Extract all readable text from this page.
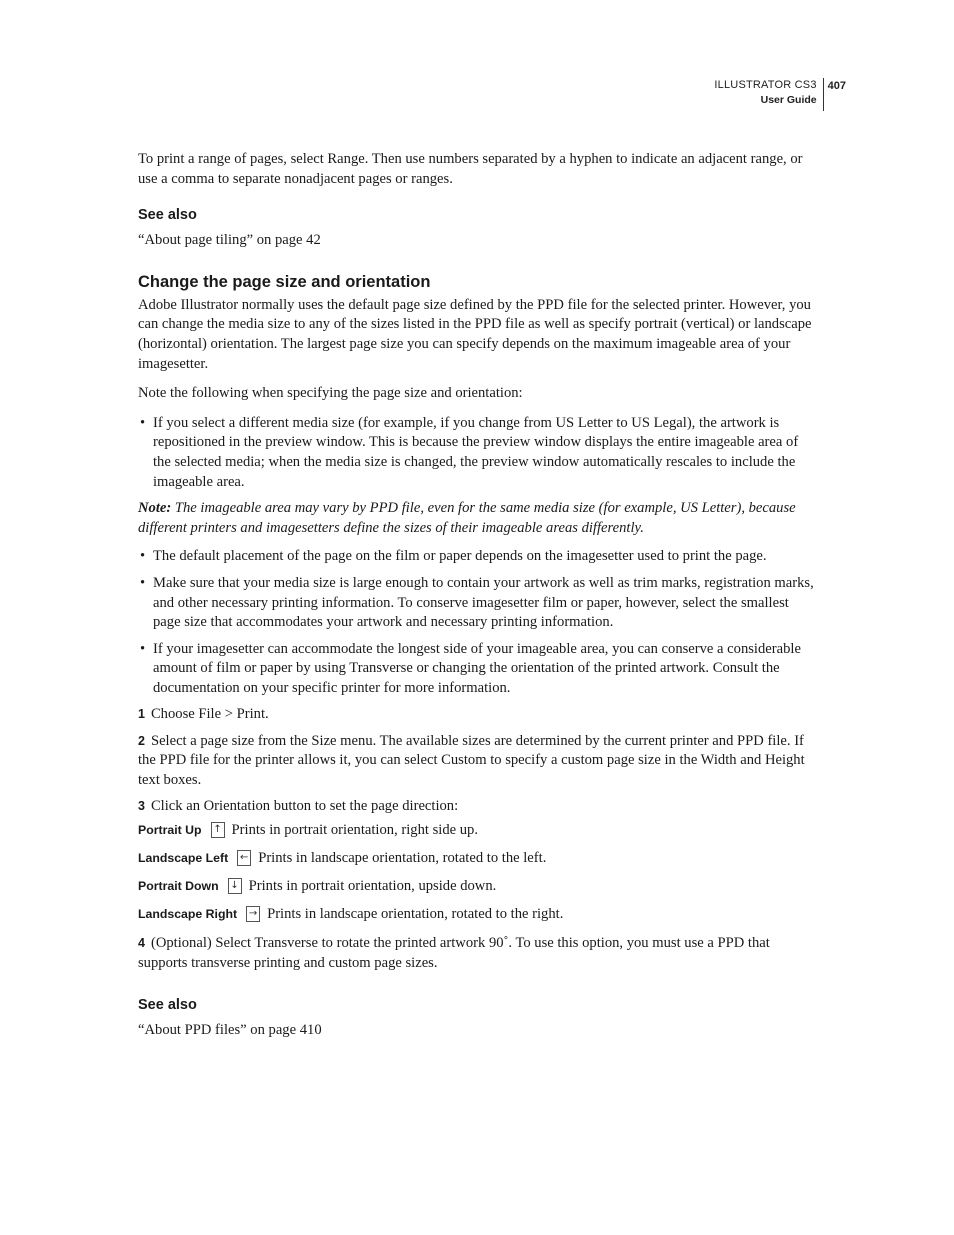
ILLUSTRATOR CS3
User Guide
407

To print a range of pages, select Range. Then use numbers separated by a hyphen to indicate an adjacent range, or use a comma to separate nonadjacent pages or ranges.

See also
“About page tiling” on page 42
Change the page size and orientation

Adobe Illustrator normally uses the default page size defined by the PPD file for the selected printer. However, you can change the media size to any of the sizes listed in the PPD file as well as specify portrait (vertical) or landscape (horizontal) orientation. The largest page size you can specify depends on the maximum imageable area of your imagesetter.

Note the following when specifying the page size and orientation:

• If you select a different media size (for example, if you change from US Letter to US Legal), the artwork is repositioned in the preview window. This is because the preview window displays the entire imageable area of the selected media; when the media size is changed, the preview window automatically rescales to include the imageable area.

Note: The imageable area may vary by PPD file, even for the same media size (for example, US Letter), because different printers and imagesetters define the sizes of their imageable areas differently.

• The default placement of the page on the film or paper depends on the imagesetter used to print the page.
• Make sure that your media size is large enough to contain your artwork as well as trim marks, registration marks, and other necessary printing information. To conserve imagesetter film or paper, however, select the smallest page size that accommodates your artwork and necessary printing information.
• If your imagesetter can accommodate the longest side of your imageable area, you can conserve a considerable amount of film or paper by using Transverse or changing the orientation of the printed artwork. Consult the documentation on your specific printer for more information.

1 Choose File > Print.

2 Select a page size from the Size menu. The available sizes are determined by the current printer and PPD file. If the PPD file for the printer allows it, you can select Custom to specify a custom page size in the Width and Height text boxes.

3 Click an Orientation button to set the page direction:

Portrait Up ↑ Prints in portrait orientation, right side up.
Landscape Left ← Prints in landscape orientation, rotated to the left.
Portrait Down ↓ Prints in portrait orientation, upside down.
Landscape Right → Prints in landscape orientation, rotated to the right.

4 (Optional) Select Transverse to rotate the printed artwork 90˚. To use this option, you must use a PPD that supports transverse printing and custom page sizes.

See also
“About PPD files” on page 410
